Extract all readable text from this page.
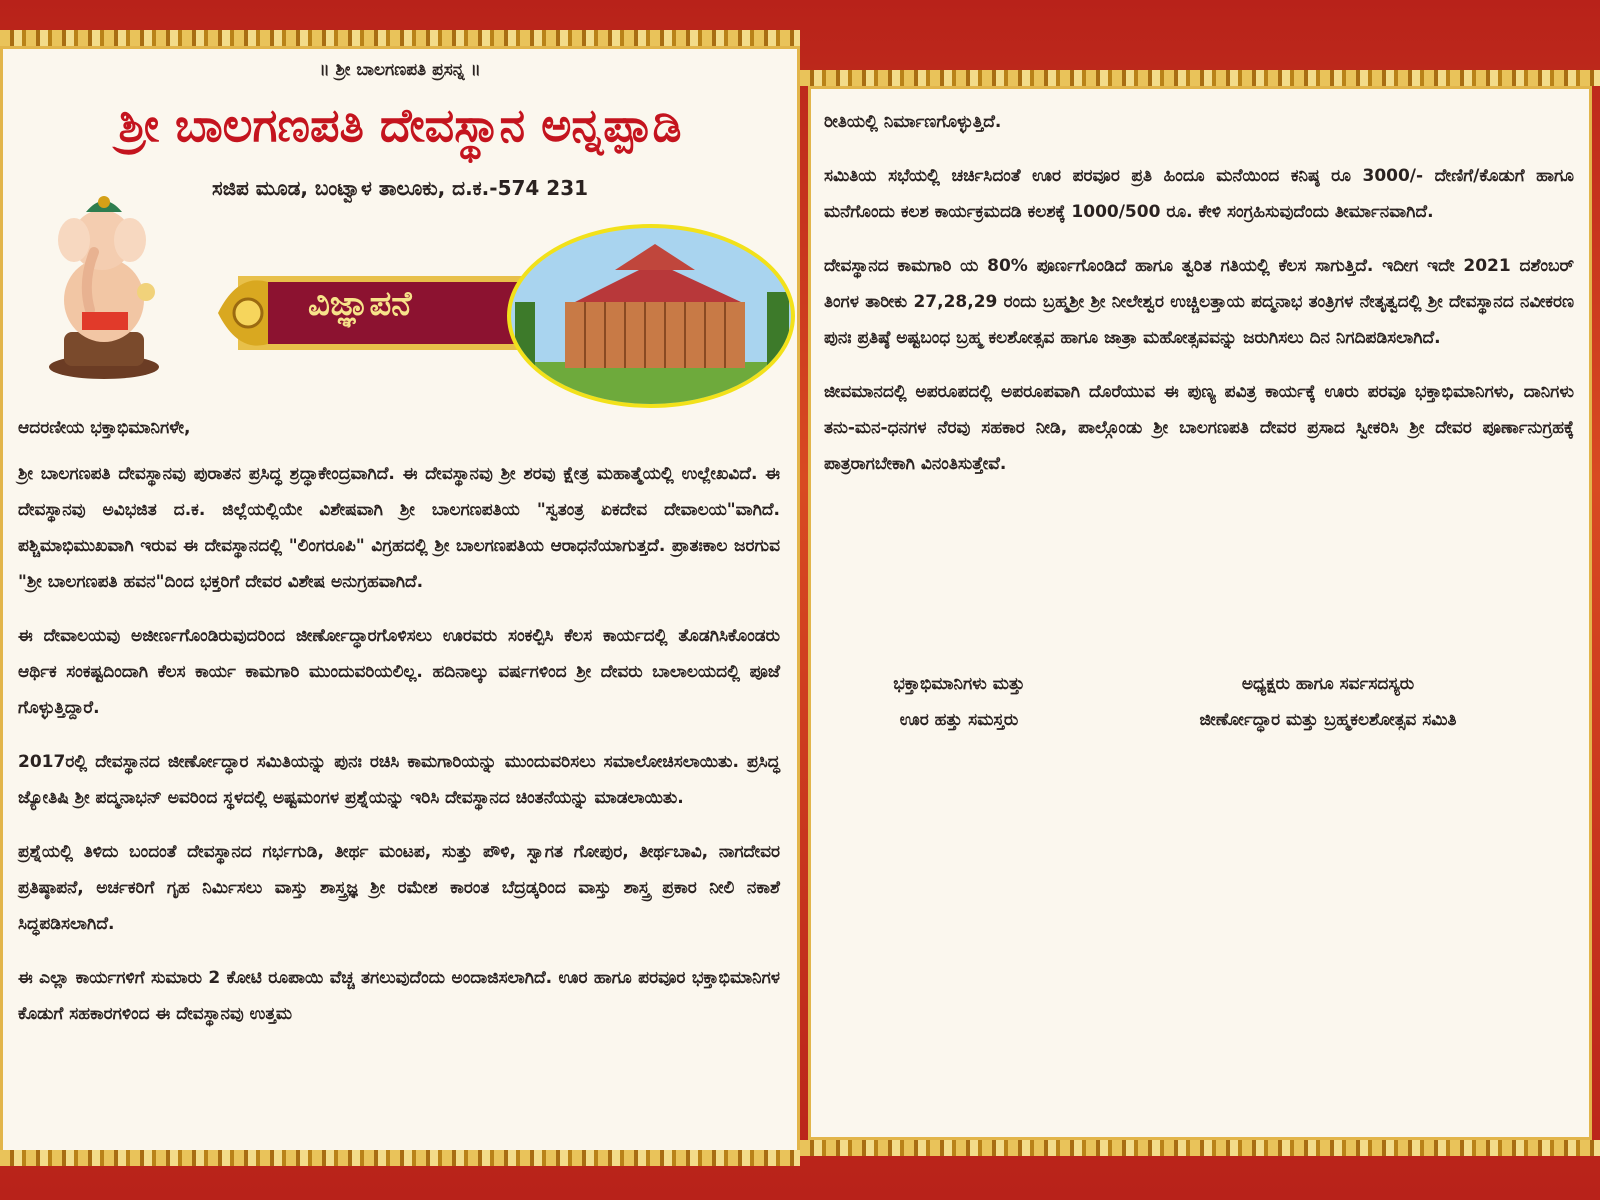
॥ ಶ್ರೀ ಬಾಲಗಣಪತಿ ಪ್ರಸನ್ನ ॥
ಶ್ರೀ ಬಾಲಗಣಪತಿ ದೇವಸ್ಥಾನ ಅನ್ನಪ್ಪಾಡಿ
ಸಜಿಪ ಮೂಡ, ಬಂಟ್ವಾಳ ತಾಲೂಕು, ದ.ಕ.-574 231
ವಿಜ್ಞಾಪನೆ
ಆದರಣೀಯ ಭಕ್ತಾಭಿಮಾನಿಗಳೇ,

ಶ್ರೀ ಬಾಲಗಣಪತಿ ದೇವಸ್ಥಾನವು ಪುರಾತನ ಪ್ರಸಿದ್ಧ ಶ್ರದ್ಧಾಕೇಂದ್ರವಾಗಿದೆ. ಈ ದೇವಸ್ಥಾನವು ಶ್ರೀ ಶರವು ಕ್ಷೇತ್ರ ಮಹಾತ್ಮೆಯಲ್ಲಿ ಉಲ್ಲೇಖವಿದೆ. ಈ ದೇವಸ್ಥಾನವು ಅವಿಭಜಿತ ದ.ಕ. ಜಿಲ್ಲೆಯಲ್ಲಿಯೇ ವಿಶೇಷವಾಗಿ ಶ್ರೀ ಬಾಲಗಣಪತಿಯ "ಸ್ವತಂತ್ರ ಏಕದೇವ ದೇವಾಲಯ"ವಾಗಿದೆ. ಪಶ್ಚಿಮಾಭಿಮುಖವಾಗಿ ಇರುವ ಈ ದೇವಸ್ಥಾನದಲ್ಲಿ "ಲಿಂಗರೂಪಿ" ವಿಗ್ರಹದಲ್ಲಿ ಶ್ರೀ ಬಾಲಗಣಪತಿಯ ಆರಾಧನೆಯಾಗುತ್ತದೆ. ಪ್ರಾತಃಕಾಲ ಜರಗುವ "ಶ್ರೀ ಬಾಲಗಣಪತಿ ಹವನ"ದಿಂದ ಭಕ್ತರಿಗೆ ದೇವರ ವಿಶೇಷ ಅನುಗ್ರಹವಾಗಿದೆ.

ಈ ದೇವಾಲಯವು ಅಜೀರ್ಣಗೊಂಡಿರುವುದರಿಂದ ಜೀರ್ಣೋದ್ಧಾರಗೊಳಿಸಲು ಊರವರು ಸಂಕಲ್ಪಿಸಿ ಕೆಲಸ ಕಾರ್ಯದಲ್ಲಿ ತೊಡಗಿಸಿಕೊಂಡರು ಆರ್ಥಿಕ ಸಂಕಷ್ಟದಿಂದಾಗಿ ಕೆಲಸ ಕಾರ್ಯ ಕಾಮಗಾರಿ ಮುಂದುವರಿಯಲಿಲ್ಲ. ಹದಿನಾಲ್ಕು ವರ್ಷಗಳಿಂದ ಶ್ರೀ ದೇವರು ಬಾಲಾಲಯದಲ್ಲಿ ಪೂಜೆ ಗೊಳ್ಳುತ್ತಿದ್ದಾರೆ.

2017ರಲ್ಲಿ ದೇವಸ್ಥಾನದ ಜೀರ್ಣೋದ್ಧಾರ ಸಮಿತಿಯನ್ನು ಪುನಃ ರಚಿಸಿ ಕಾಮಗಾರಿಯನ್ನು ಮುಂದುವರಿಸಲು ಸಮಾಲೋಚಿಸಲಾಯಿತು. ಪ್ರಸಿದ್ಧ ಜ್ಯೋತಿಷಿ ಶ್ರೀ ಪದ್ಮನಾಭನ್ ಅವರಿಂದ ಸ್ಥಳದಲ್ಲಿ ಅಷ್ಟಮಂಗಳ ಪ್ರಶ್ನೆಯನ್ನು ಇರಿಸಿ ದೇವಸ್ಥಾನದ ಚಿಂತನೆಯನ್ನು ಮಾಡಲಾಯಿತು.

ಪ್ರಶ್ನೆಯಲ್ಲಿ ತಿಳಿದು ಬಂದಂತೆ ದೇವಸ್ಥಾನದ ಗರ್ಭಗುಡಿ, ತೀರ್ಥ ಮಂಟಪ, ಸುತ್ತು ಪೌಳಿ, ಸ್ವಾಗತ ಗೋಪುರ, ತೀರ್ಥಬಾವಿ, ನಾಗದೇವರ ಪ್ರತಿಷ್ಠಾಪನೆ, ಅರ್ಚಕರಿಗೆ ಗೃಹ ನಿರ್ಮಿಸಲು ವಾಸ್ತು ಶಾಸ್ತ್ರಜ್ಞ ಶ್ರೀ ರಮೇಶ ಕಾರಂತ ಬೆದ್ರಡ್ಕರಿಂದ ವಾಸ್ತು ಶಾಸ್ತ್ರ ಪ್ರಕಾರ ನೀಲಿ ನಕಾಶೆ ಸಿದ್ಧಪಡಿಸಲಾಗಿದೆ.

ಈ ಎಲ್ಲಾ ಕಾರ್ಯಗಳಿಗೆ ಸುಮಾರು 2 ಕೋಟಿ ರೂಪಾಯಿ ವೆಚ್ಚ ತಗಲುವುದೆಂದು ಅಂದಾಜಿಸಲಾಗಿದೆ. ಊರ ಹಾಗೂ ಪರವೂರ ಭಕ್ತಾಭಿಮಾನಿಗಳ ಕೊಡುಗೆ ಸಹಕಾರಗಳಿಂದ ಈ ದೇವಸ್ಥಾನವು ಉತ್ತಮ

ರೀತಿಯಲ್ಲಿ ನಿರ್ಮಾಣಗೊಳ್ಳುತ್ತಿದೆ.

ಸಮಿತಿಯ ಸಭೆಯಲ್ಲಿ ಚರ್ಚಿಸಿದಂತೆ ಊರ ಪರವೂರ ಪ್ರತಿ ಹಿಂದೂ ಮನೆಯಿಂದ ಕನಿಷ್ಠ ರೂ 3000/- ದೇಣಿಗೆ/ಕೊಡುಗೆ ಹಾಗೂ ಮನೆಗೊಂದು ಕಲಶ ಕಾರ್ಯಕ್ರಮದಡಿ ಕಲಶಕ್ಕೆ 1000/500 ರೂ. ಕೇಳಿ ಸಂಗ್ರಹಿಸುವುದೆಂದು ತೀರ್ಮಾನವಾಗಿದೆ.

ದೇವಸ್ಥಾನದ ಕಾಮಗಾರಿ ಯ 80% ಪೂರ್ಣಗೊಂಡಿದೆ ಹಾಗೂ ತ್ವರಿತ ಗತಿಯಲ್ಲಿ ಕೆಲಸ ಸಾಗುತ್ತಿದೆ. ಇದೀಗ ಇದೇ 2021 ದಶೆಂಬರ್ ತಿಂಗಳ ತಾರೀಕು 27,28,29 ರಂದು ಬ್ರಹ್ಮಶ್ರೀ ಶ್ರೀ ನೀಲೇಶ್ವರ ಉಚ್ಚಿಲತ್ತಾಯ ಪದ್ಮನಾಭ ತಂತ್ರಿಗಳ ನೇತೃತ್ವದಲ್ಲಿ ಶ್ರೀ ದೇವಸ್ಥಾನದ ನವೀಕರಣ ಪುನಃ ಪ್ರತಿಷ್ಠೆ ಅಷ್ಟಬಂಧ ಬ್ರಹ್ಮ ಕಲಶೋತ್ಸವ ಹಾಗೂ ಜಾತ್ರಾ ಮಹೋತ್ಸವವನ್ನು ಜರುಗಿಸಲು ದಿನ ನಿಗದಿಪಡಿಸಲಾಗಿದೆ.

ಜೀವಮಾನದಲ್ಲಿ ಅಪರೂಪದಲ್ಲಿ ಅಪರೂಪವಾಗಿ ದೊರೆಯುವ ಈ ಪುಣ್ಯ ಪವಿತ್ರ ಕಾರ್ಯಕ್ಕೆ ಊರು ಪರವೂ ಭಕ್ತಾಭಿಮಾನಿಗಳು, ದಾನಿಗಳು ತನು-ಮನ-ಧನಗಳ ನೆರವು ಸಹಕಾರ ನೀಡಿ, ಪಾಲ್ಗೊಂಡು ಶ್ರೀ ಬಾಲಗಣಪತಿ ದೇವರ ಪ್ರಸಾದ ಸ್ವೀಕರಿಸಿ ಶ್ರೀ ದೇವರ ಪೂರ್ಣಾನುಗ್ರಹಕ್ಕೆ ಪಾತ್ರರಾಗಬೇಕಾಗಿ ವಿನಂತಿಸುತ್ತೇವೆ.

ಭಕ್ತಾಭಿಮಾನಿಗಳು ಮತ್ತು
ಊರ ಹತ್ತು ಸಮಸ್ತರು
ಅಧ್ಯಕ್ಷರು ಹಾಗೂ ಸರ್ವಸದಸ್ಯರು
ಜೀರ್ಣೋದ್ಧಾರ ಮತ್ತು ಬ್ರಹ್ಮಕಲಶೋತ್ಸವ ಸಮಿತಿ
